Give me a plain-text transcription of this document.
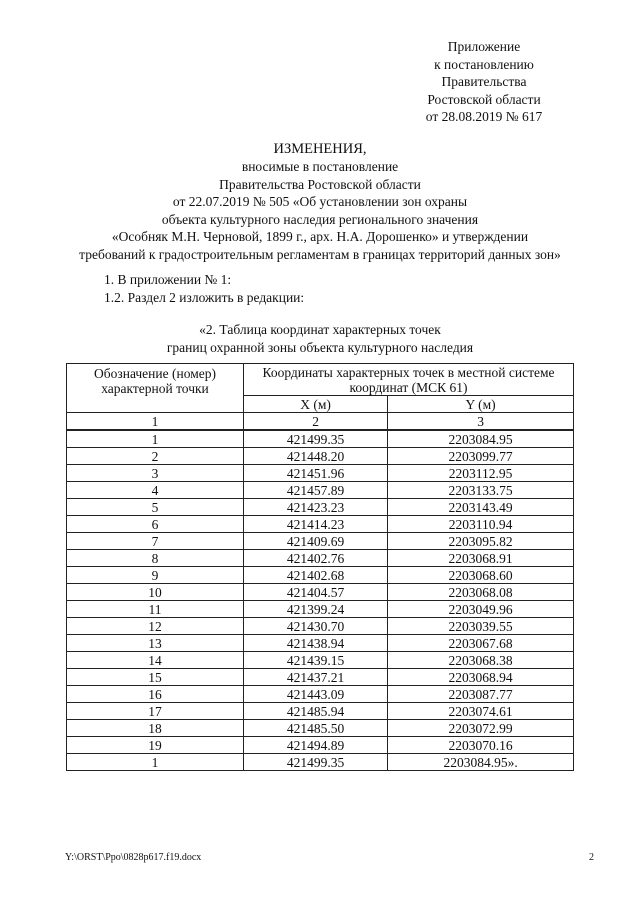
Приложение
к постановлению
Правительства
Ростовской области
от 28.08.2019 № 617
ИЗМЕНЕНИЯ,
вносимые в постановление
Правительства Ростовской области
от 22.07.2019 № 505 «Об установлении зон охраны
объекта культурного наследия регионального значения
«Особняк М.Н. Черновой, 1899 г., арх. Н.А. Дорошенко» и утверждении
требований к градостроительным регламентам в границах территорий данных зон»
1. В приложении № 1:
1.2. Раздел 2 изложить в редакции:
«2. Таблица координат характерных точек
границ охранной зоны объекта культурного наследия
Обозначение (номер) характерной точки	Координаты характерных точек в местной системе координат (МСК 61)	
	X (м)	Y (м)
1	2	3
1	421499.35	2203084.95
2	421448.20	2203099.77
3	421451.96	2203112.95
4	421457.89	2203133.75
5	421423.23	2203143.49
6	421414.23	2203110.94
7	421409.69	2203095.82
8	421402.76	2203068.91
9	421402.68	2203068.60
10	421404.57	2203068.08
11	421399.24	2203049.96
12	421430.70	2203039.55
13	421438.94	2203067.68
14	421439.15	2203068.38
15	421437.21	2203068.94
16	421443.09	2203087.77
17	421485.94	2203074.61
18	421485.50	2203072.99
19	421494.89	2203070.16
1	421499.35	2203084.95».
Y:\ORST\Ppo\0828p617.f19.docx	2
